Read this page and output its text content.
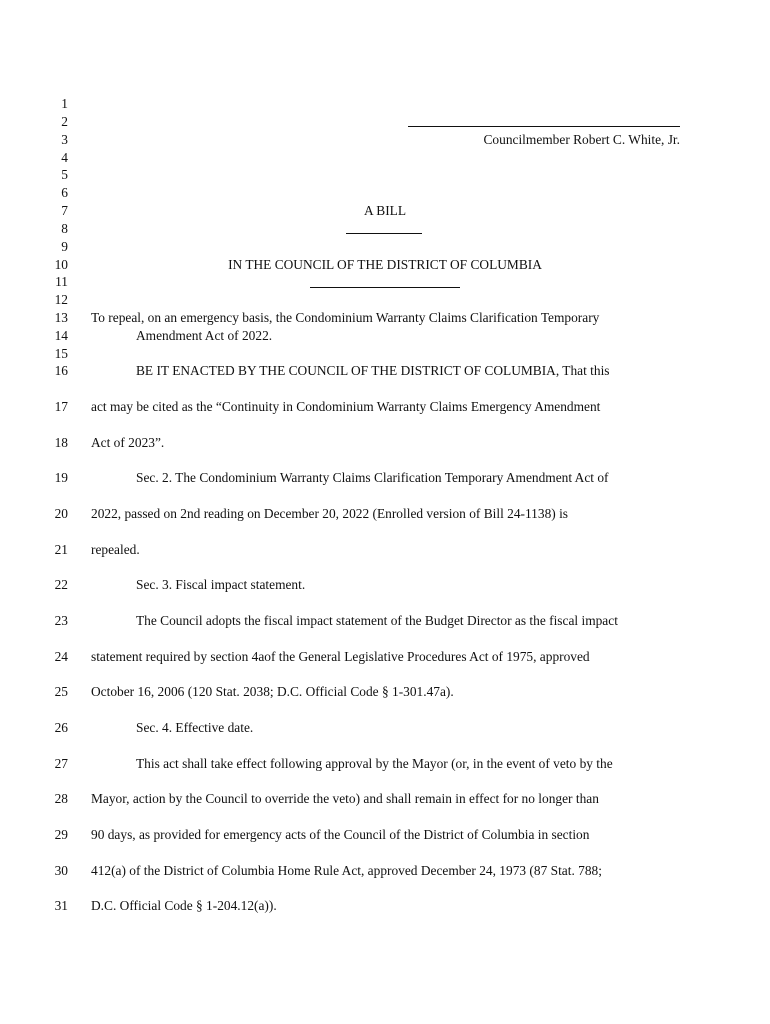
1
2
3
4
5
6
7
8
9
10
11
12
13
14
15
16
17
18
19
20
21
22
23
24
25
26
27
28
29
30
31
Councilmember Robert C. White, Jr.
A BILL
IN THE COUNCIL OF THE DISTRICT OF COLUMBIA
To repeal, on an emergency basis, the Condominium Warranty Claims Clarification Temporary
Amendment Act of 2022.
BE IT ENACTED BY THE COUNCIL OF THE DISTRICT OF COLUMBIA, That this
act may be cited as the “Continuity in Condominium Warranty Claims Emergency Amendment
Act of 2023”.
Sec. 2. The Condominium Warranty Claims Clarification Temporary Amendment Act of
2022, passed on 2nd reading on December 20, 2022 (Enrolled version of Bill 24-1138) is
repealed.
Sec. 3. Fiscal impact statement.
The Council adopts the fiscal impact statement of the Budget Director as the fiscal impact
statement required by section 4aof the General Legislative Procedures Act of 1975, approved
October 16, 2006 (120 Stat. 2038; D.C. Official Code § 1-301.47a).
Sec. 4. Effective date.
This act shall take effect following approval by the Mayor (or, in the event of veto by the
Mayor, action by the Council to override the veto) and shall remain in effect for no longer than
90 days, as provided for emergency acts of the Council of the District of Columbia in section
412(a) of the District of Columbia Home Rule Act, approved December 24, 1973 (87 Stat. 788;
D.C. Official Code § 1-204.12(a)).
